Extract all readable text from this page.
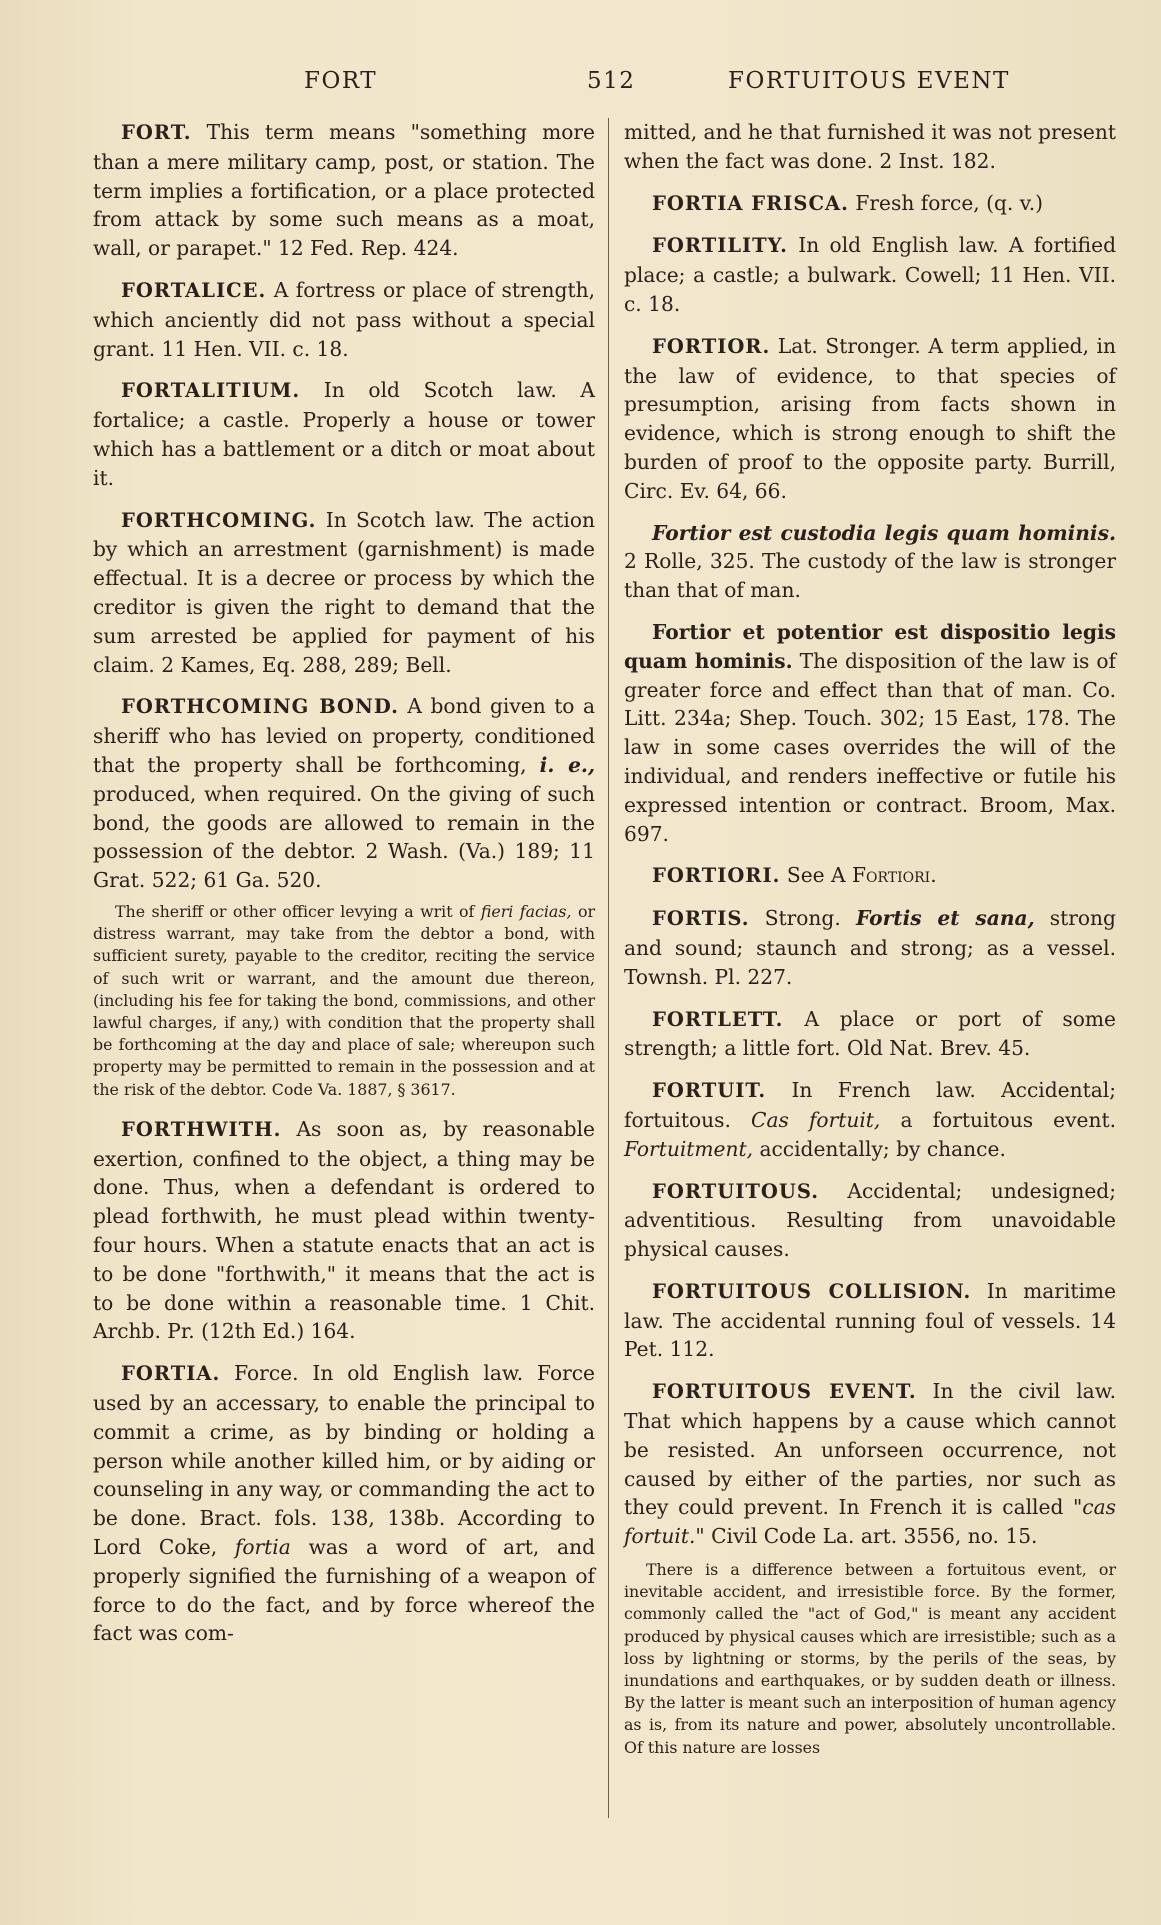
FORT	512	FORTUITOUS EVENT

FORT. This term means "something more than a mere military camp, post, or station. The term implies a fortification, or a place protected from attack by some such means as a moat, wall, or parapet." 12 Fed. Rep. 424.

FORTALICE. A fortress or place of strength, which anciently did not pass without a special grant. 11 Hen. VII. c. 18.

FORTALITIUM. In old Scotch law. A fortalice; a castle. Properly a house or tower which has a battlement or a ditch or moat about it.

FORTHCOMING. In Scotch law. The action by which an arrestment (garnishment) is made effectual. It is a decree or process by which the creditor is given the right to demand that the sum arrested be applied for payment of his claim. 2 Kames, Eq. 288, 289; Bell.

FORTHCOMING BOND. A bond given to a sheriff who has levied on property, conditioned that the property shall be forthcoming, i. e., produced, when required. On the giving of such bond, the goods are allowed to remain in the possession of the debtor. 2 Wash. (Va.) 189; 11 Grat. 522; 61 Ga. 520.

The sheriff or other officer levying a writ of fieri facias, or distress warrant, may take from the debtor a bond, with sufficient surety, payable to the creditor, reciting the service of such writ or warrant, and the amount due thereon, (including his fee for taking the bond, commissions, and other lawful charges, if any,) with condition that the property shall be forthcoming at the day and place of sale; whereupon such property may be permitted to remain in the possession and at the risk of the debtor. Code Va. 1887, § 3617.

FORTHWITH. As soon as, by reasonable exertion, confined to the object, a thing may be done. Thus, when a defendant is ordered to plead forthwith, he must plead within twenty-four hours. When a statute enacts that an act is to be done "forthwith," it means that the act is to be done within a reasonable time. 1 Chit. Archb. Pr. (12th Ed.) 164.

FORTIA. Force. In old English law. Force used by an accessary, to enable the principal to commit a crime, as by binding or holding a person while another killed him, or by aiding or counseling in any way, or commanding the act to be done. Bract. fols. 138, 138b. According to Lord Coke, fortia was a word of art, and properly signified the furnishing of a weapon of force to do the fact, and by force whereof the fact was com-

mitted, and he that furnished it was not present when the fact was done. 2 Inst. 182.

FORTIA FRISCA. Fresh force, (q. v.)

FORTILITY. In old English law. A fortified place; a castle; a bulwark. Cowell; 11 Hen. VII. c. 18.

FORTIOR. Lat. Stronger. A term applied, in the law of evidence, to that species of presumption, arising from facts shown in evidence, which is strong enough to shift the burden of proof to the opposite party. Burrill, Circ. Ev. 64, 66.

Fortior est custodia legis quam hominis. 2 Rolle, 325. The custody of the law is stronger than that of man.

Fortior et potentior est dispositio legis quam hominis. The disposition of the law is of greater force and effect than that of man. Co. Litt. 234a; Shep. Touch. 302; 15 East, 178. The law in some cases overrides the will of the individual, and renders ineffective or futile his expressed intention or contract. Broom, Max. 697.

FORTIORI. See A Fortiori.

FORTIS. Strong. Fortis et sana, strong and sound; staunch and strong; as a vessel. Townsh. Pl. 227.

FORTLETT. A place or port of some strength; a little fort. Old Nat. Brev. 45.

FORTUIT. In French law. Accidental; fortuitous. Cas fortuit, a fortuitous event. Fortuitment, accidentally; by chance.

FORTUITOUS. Accidental; undesigned; adventitious. Resulting from unavoidable physical causes.

FORTUITOUS COLLISION. In maritime law. The accidental running foul of vessels. 14 Pet. 112.

FORTUITOUS EVENT. In the civil law. That which happens by a cause which cannot be resisted. An unforseen occurrence, not caused by either of the parties, nor such as they could prevent. In French it is called "cas fortuit." Civil Code La. art. 3556, no. 15.

There is a difference between a fortuitous event, or inevitable accident, and irresistible force. By the former, commonly called the "act of God," is meant any accident produced by physical causes which are irresistible; such as a loss by lightning or storms, by the perils of the seas, by inundations and earthquakes, or by sudden death or illness. By the latter is meant such an interposition of human agency as is, from its nature and power, absolutely uncontrollable. Of this nature are losses
